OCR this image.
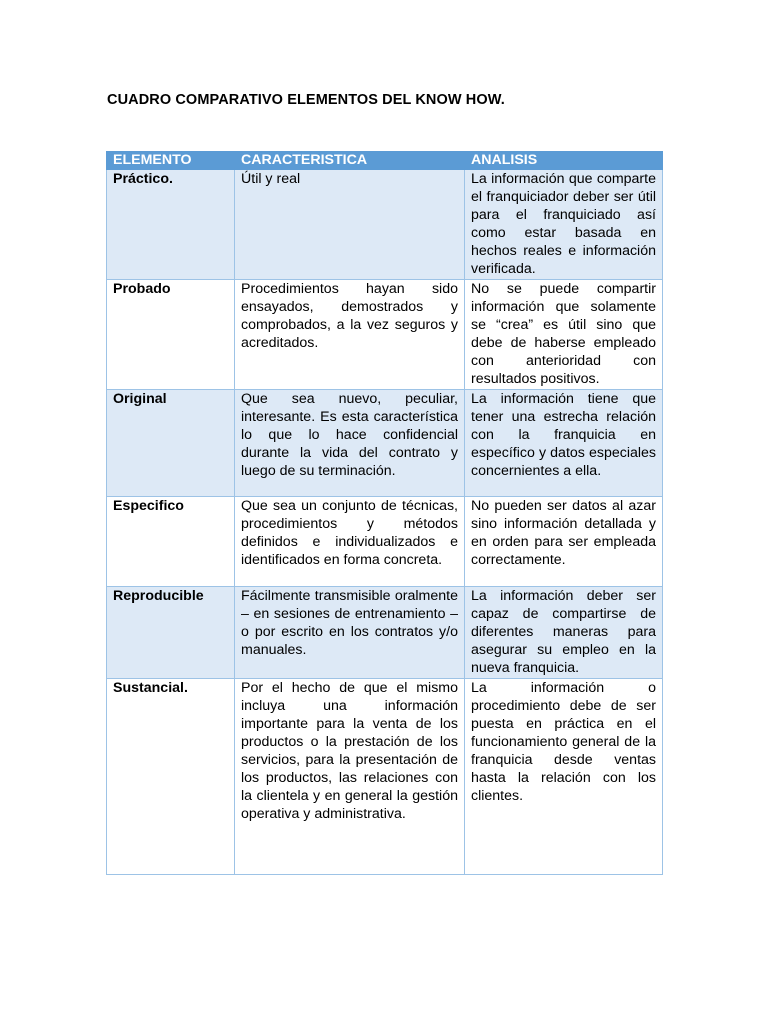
CUADRO COMPARATIVO ELEMENTOS DEL KNOW HOW.
ELEMENTO	CARACTERISTICA	ANALISIS
Práctico.	Útil y real	La información que comparte el franquiciador deber ser útil para el franquiciado así como estar basada en hechos reales e información verificada.
Probado	Procedimientos hayan sido ensayados, demostrados y comprobados, a la vez seguros y acreditados.	No se puede compartir información que solamente se “crea” es útil sino que debe de haberse empleado con anterioridad con resultados positivos.
Original	Que sea nuevo, peculiar, interesante. Es esta característica lo que lo hace confidencial durante la vida del contrato y luego de su terminación.	La información tiene que tener una estrecha relación con la franquicia en específico y datos especiales concernientes a ella.
Especifico	Que sea un conjunto de técnicas, procedimientos y métodos definidos e individualizados e identificados en forma concreta.	No pueden ser datos al azar sino información detallada y en orden para ser empleada correctamente.
Reproducible	Fácilmente transmisible oralmente – en sesiones de entrenamiento – o por escrito en los contratos y/o manuales.	La información deber ser capaz de compartirse de diferentes maneras para asegurar su empleo en la nueva franquicia.
Sustancial.	Por el hecho de que el mismo incluya una información importante para la venta de los productos o la prestación de los servicios, para la presentación de los productos, las relaciones con la clientela y en general la gestión operativa y administrativa.	La información o procedimiento debe de ser puesta en práctica en el funcionamiento general de la franquicia desde ventas hasta la relación con los clientes.
